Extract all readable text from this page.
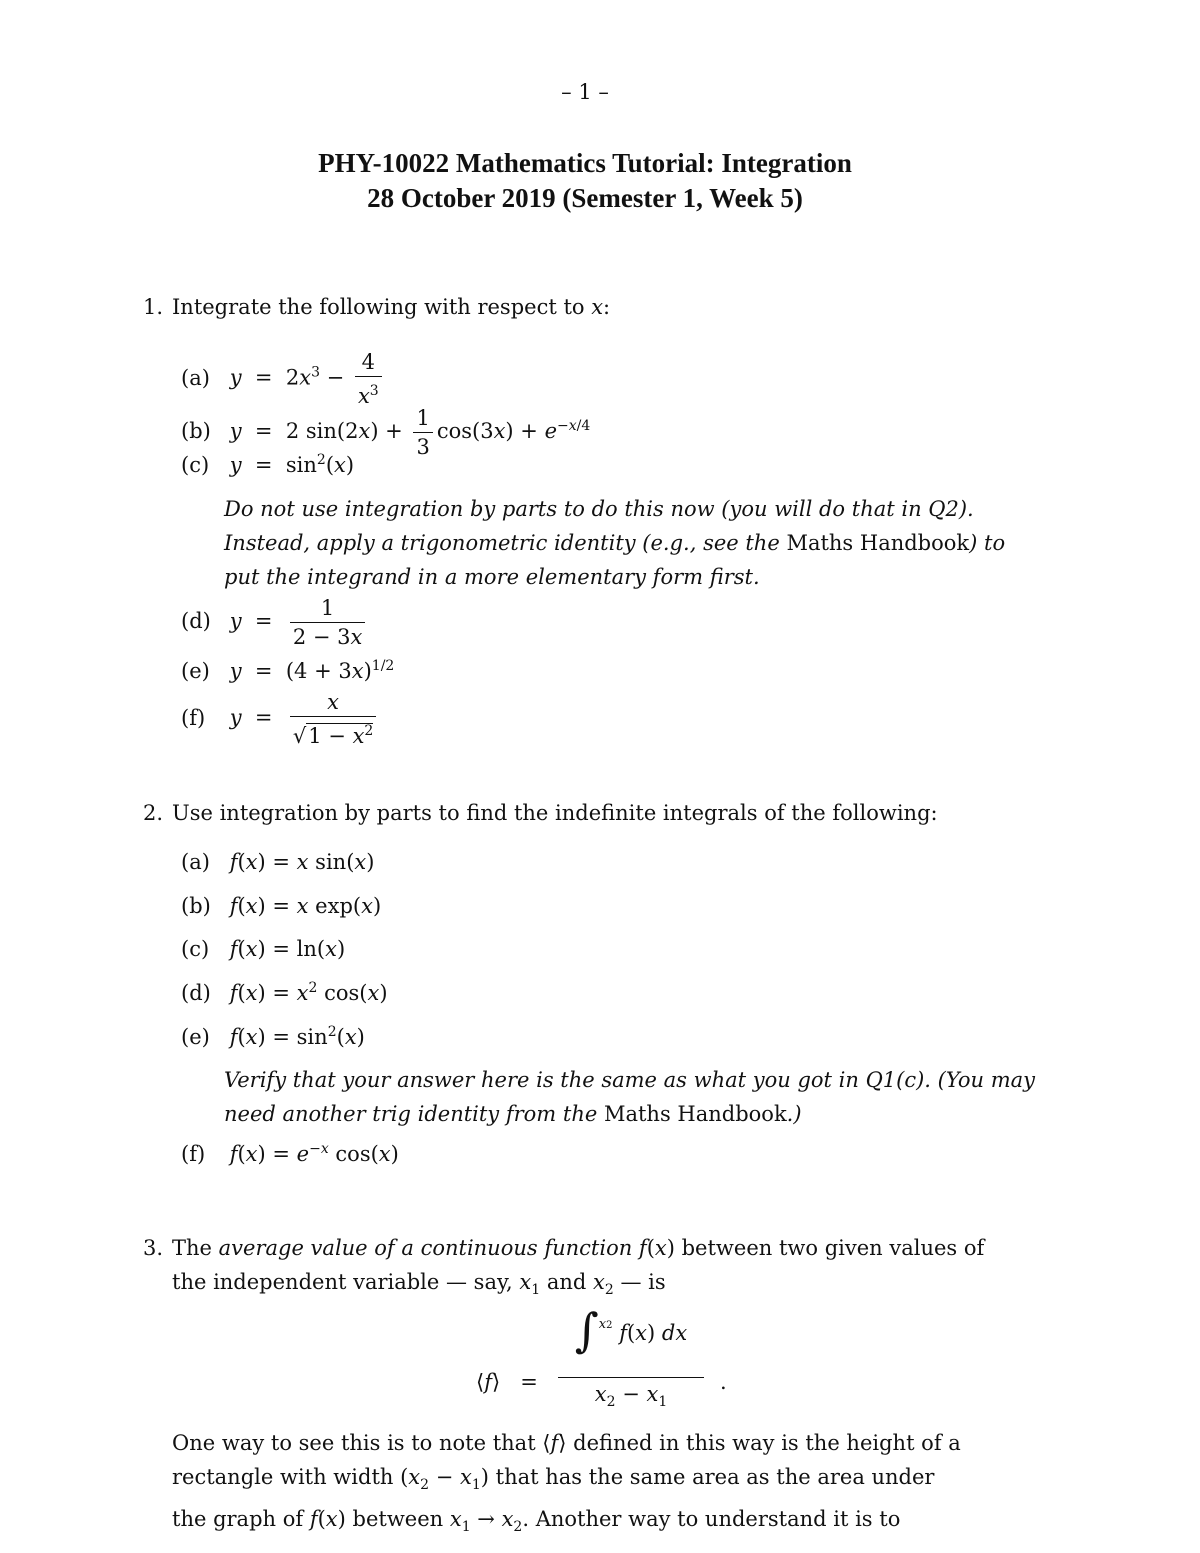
– 1 –
PHY-10022 Mathematics Tutorial: Integration
28 October 2019 (Semester 1, Week 5)
1. Integrate the following with respect to x:
(a) $y = 2x^3 - \frac{4}{x^3}$
(b) y  =  2 $\sin(2x) + \frac{1}{3} \cos(3x) + e^{-x/4}$
(c) $y = \sin^2(x)$
Do not use integration by parts to do this now (you will do that in Q2). Instead, apply a trigonometric identity (e.g., see the Maths Handbook) to put the integrand in a more elementary form first.
(d) $y = \frac{1}{2 - 3x}$
(e) $y = (4 + 3x)^{1/2}$
(f) $y = \frac{x}{√1 - x^2}$
2. Use integration by parts to find the indefinite integrals of the following:
(a) f(x) = x sin(x)
(b) f(x) = x exp(x)
(c) f(x) = ln(x)
(d) $f(x) = x^2$ cos(x)
(e) $f(x) = \sin^2(x)$
Verify that your answer here is the same as what you got in Q1(c). (You may need another trig identity from the Maths Handbook.)
(f) $f(x) = e^{-x}$ cos(x)
3. The average value of a continuous function f(x) between two given values of the independent variable — say, $x_1$ and $x_2$ — is
⟨f⟩   =
∫$^{x2}$ f(x) dx
$x_2 - x_1$
.
One way to see this is to note that ⟨f⟩ defined in this way is the height of a rectangle with width $(x_2 - x_1)$ that has the same area as the area under the graph of f(x) between $x_1 \to x_2$. Another way to understand it is to
